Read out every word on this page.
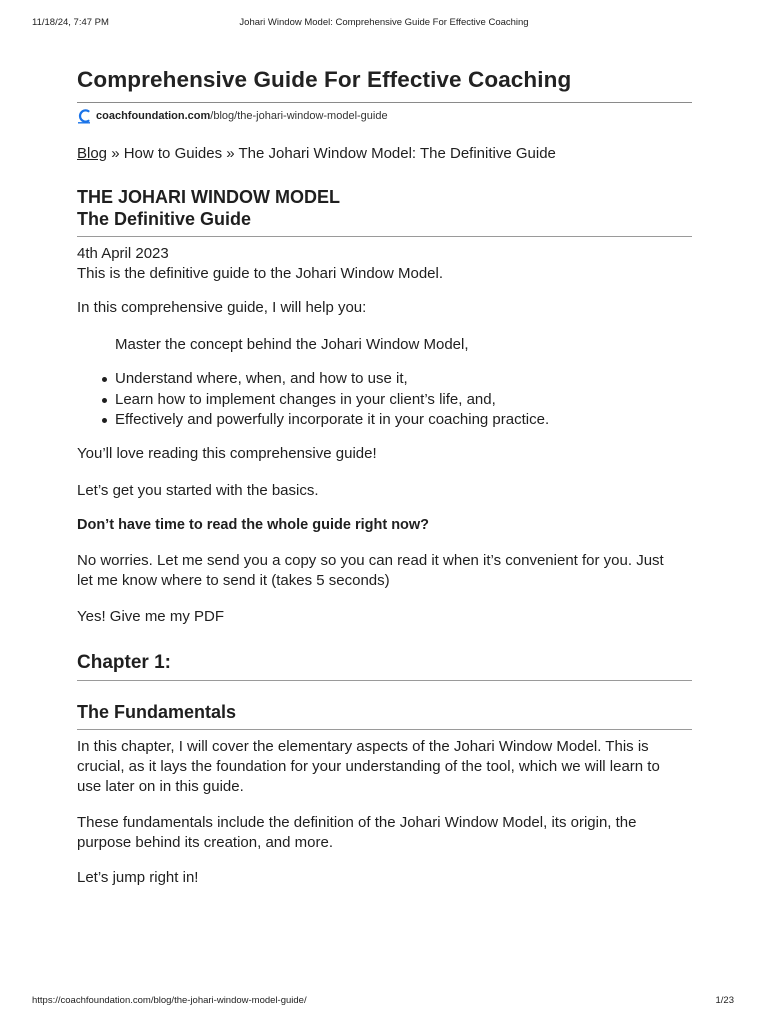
11/18/24, 7:47 PM	Johari Window Model: Comprehensive Guide For Effective Coaching
Comprehensive Guide For Effective Coaching
coachfoundation.com /blog/the-johari-window-model-guide
Blog » How to Guides » The Johari Window Model: The Definitive Guide
THE JOHARI WINDOW MODEL
The Definitive Guide
4th April 2023
This is the definitive guide to the Johari Window Model.
In this comprehensive guide, I will help you:
Master the concept behind the Johari Window Model,
Understand where, when, and how to use it,
Learn how to implement changes in your client’s life, and,
Effectively and powerfully incorporate it in your coaching practice.
You’ll love reading this comprehensive guide!
Let’s get you started with the basics.
Don’t have time to read the whole guide right now?
No worries. Let me send you a copy so you can read it when it’s convenient for you. Just
let me know where to send it (takes 5 seconds)
Yes! Give me my PDF
Chapter 1:
The Fundamentals
In this chapter, I will cover the elementary aspects of the Johari Window Model. This is
crucial, as it lays the foundation for your understanding of the tool, which we will learn to
use later on in this guide.
These fundamentals include the definition of the Johari Window Model, its origin, the
purpose behind its creation, and more.
Let’s jump right in!
https://coachfoundation.com/blog/the-johari-window-model-guide/	1/23
